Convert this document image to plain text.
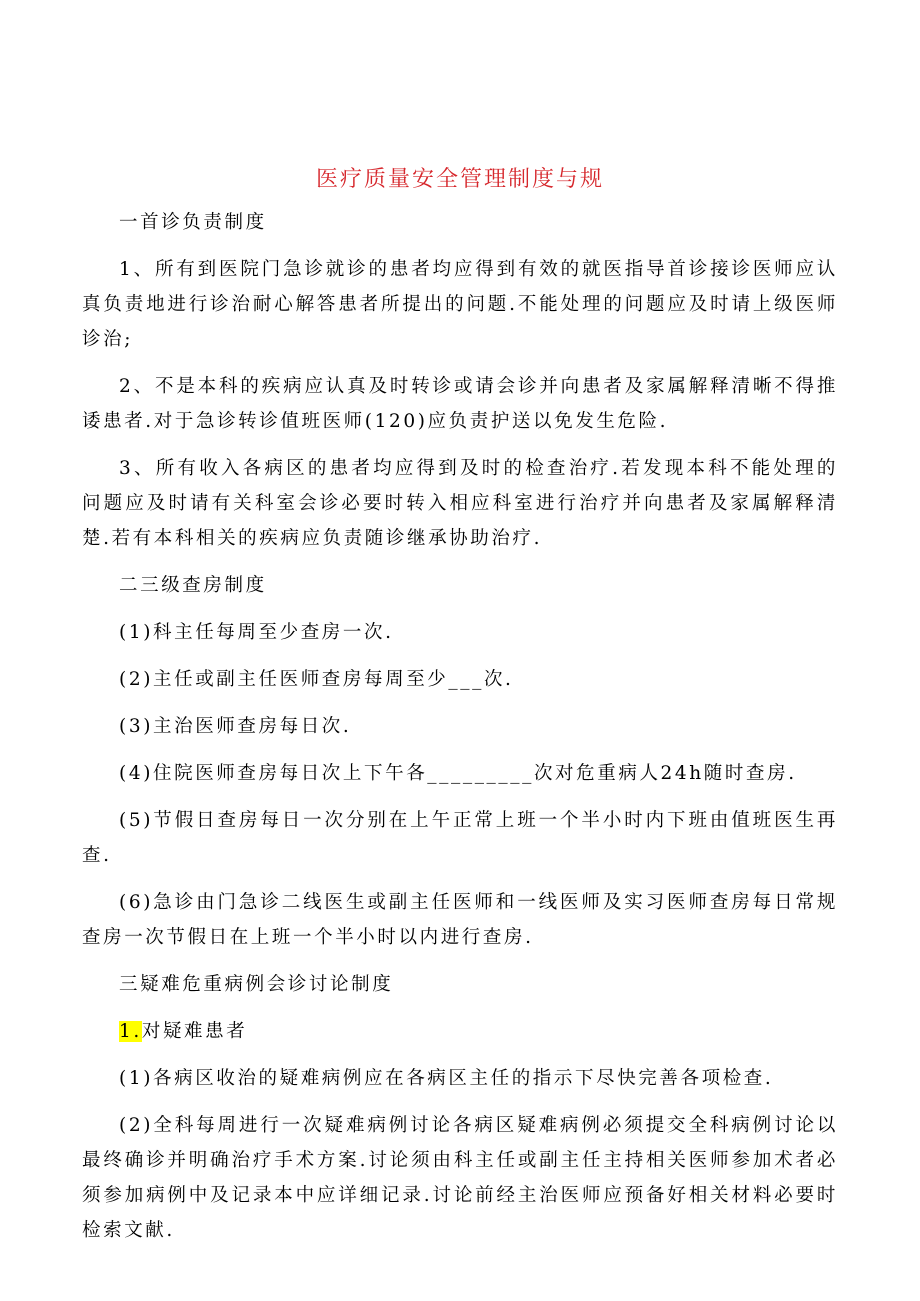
医疗质量安全管理制度与规

一首诊负责制度

1、所有到医院门急诊就诊的患者均应得到有效的就医指导首诊接诊医师应认真负责地进行诊治耐心解答患者所提出的问题.不能处理的问题应及时请上级医师诊治;

2、不是本科的疾病应认真及时转诊或请会诊并向患者及家属解释清晰不得推诿患者.对于急诊转诊值班医师(120)应负责护送以免发生危险.

3、所有收入各病区的患者均应得到及时的检查治疗.若发现本科不能处理的问题应及时请有关科室会诊必要时转入相应科室进行治疗并向患者及家属解释清楚.若有本科相关的疾病应负责随诊继承协助治疗.

二三级查房制度

(1)科主任每周至少查房一次.

(2)主任或副主任医师查房每周至少___次.

(3)主治医师查房每日次.

(4)住院医师查房每日次上下午各_________次对危重病人24h随时查房.

(5)节假日查房每日一次分别在上午正常上班一个半小时内下班由值班医生再查.

(6)急诊由门急诊二线医生或副主任医师和一线医师及实习医师查房每日常规查房一次节假日在上班一个半小时以内进行查房.

三疑难危重病例会诊讨论制度

1.对疑难患者

(1)各病区收治的疑难病例应在各病区主任的指示下尽快完善各项检查.

(2)全科每周进行一次疑难病例讨论各病区疑难病例必须提交全科病例讨论以最终确诊并明确治疗手术方案.讨论须由科主任或副主任主持相关医师参加术者必须参加病例中及记录本中应详细记录.讨论前经主治医师应预备好相关材料必要时检索文献.
